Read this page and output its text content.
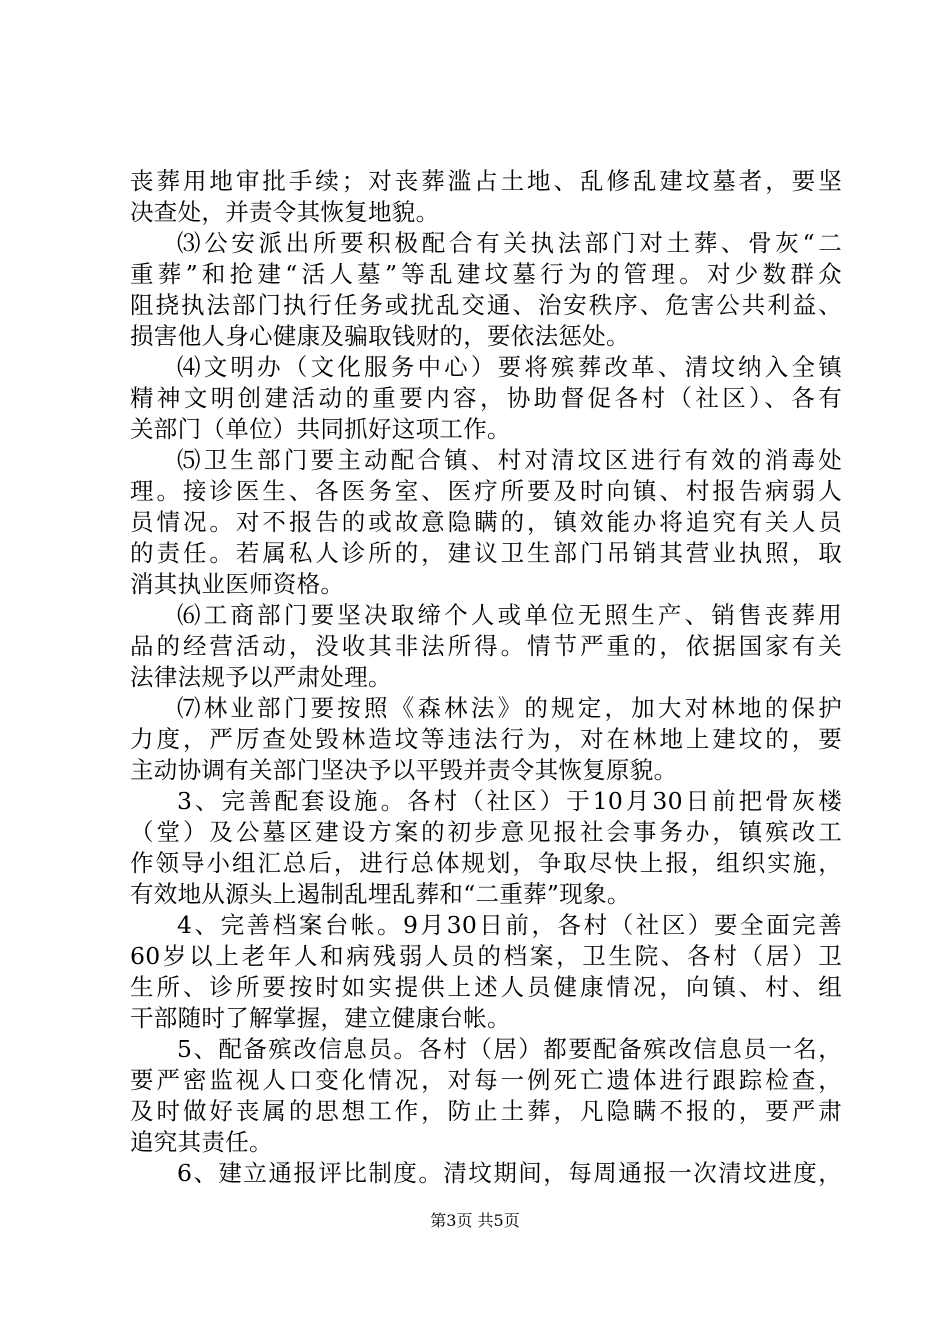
丧葬用地审批手续；对丧葬滥占土地、乱修乱建坟墓者，要坚
决查处，并责令其恢复地貌。
⑶公安派出所要积极配合有关执法部门对土葬、骨灰“二
重葬”和抢建“活人墓”等乱建坟墓行为的管理。对少数群众
阻挠执法部门执行任务或扰乱交通、治安秩序、危害公共利益、
损害他人身心健康及骗取钱财的，要依法惩处。
⑷文明办（文化服务中心）要将殡葬改革、清坟纳入全镇
精神文明创建活动的重要内容，协助督促各村（社区）、各有
关部门（单位）共同抓好这项工作。
⑸卫生部门要主动配合镇、村对清坟区进行有效的消毒处
理。接诊医生、各医务室、医疗所要及时向镇、村报告病弱人
员情况。对不报告的或故意隐瞒的，镇效能办将追究有关人员
的责任。若属私人诊所的，建议卫生部门吊销其营业执照，取
消其执业医师资格。
⑹工商部门要坚决取缔个人或单位无照生产、销售丧葬用
品的经营活动，没收其非法所得。情节严重的，依据国家有关
法律法规予以严肃处理。
⑺林业部门要按照《森林法》的规定，加大对林地的保护
力度，严厉查处毁林造坟等违法行为，对在林地上建坟的，要
主动协调有关部门坚决予以平毁并责令其恢复原貌。
3、完善配套设施。各村（社区）于10月30日前把骨灰楼
（堂）及公墓区建设方案的初步意见报社会事务办，镇殡改工
作领导小组汇总后，进行总体规划，争取尽快上报，组织实施，
有效地从源头上遏制乱埋乱葬和“二重葬”现象。
4、完善档案台帐。9月30日前，各村（社区）要全面完善
60岁以上老年人和病残弱人员的档案，卫生院、各村（居）卫
生所、诊所要按时如实提供上述人员健康情况，向镇、村、组
干部随时了解掌握，建立健康台帐。
5、配备殡改信息员。各村（居）都要配备殡改信息员一名，
要严密监视人口变化情况，对每一例死亡遗体进行跟踪检查，
及时做好丧属的思想工作，防止土葬，凡隐瞒不报的，要严肃
追究其责任。
6、建立通报评比制度。清坟期间，每周通报一次清坟进度，
第3页 共5页
